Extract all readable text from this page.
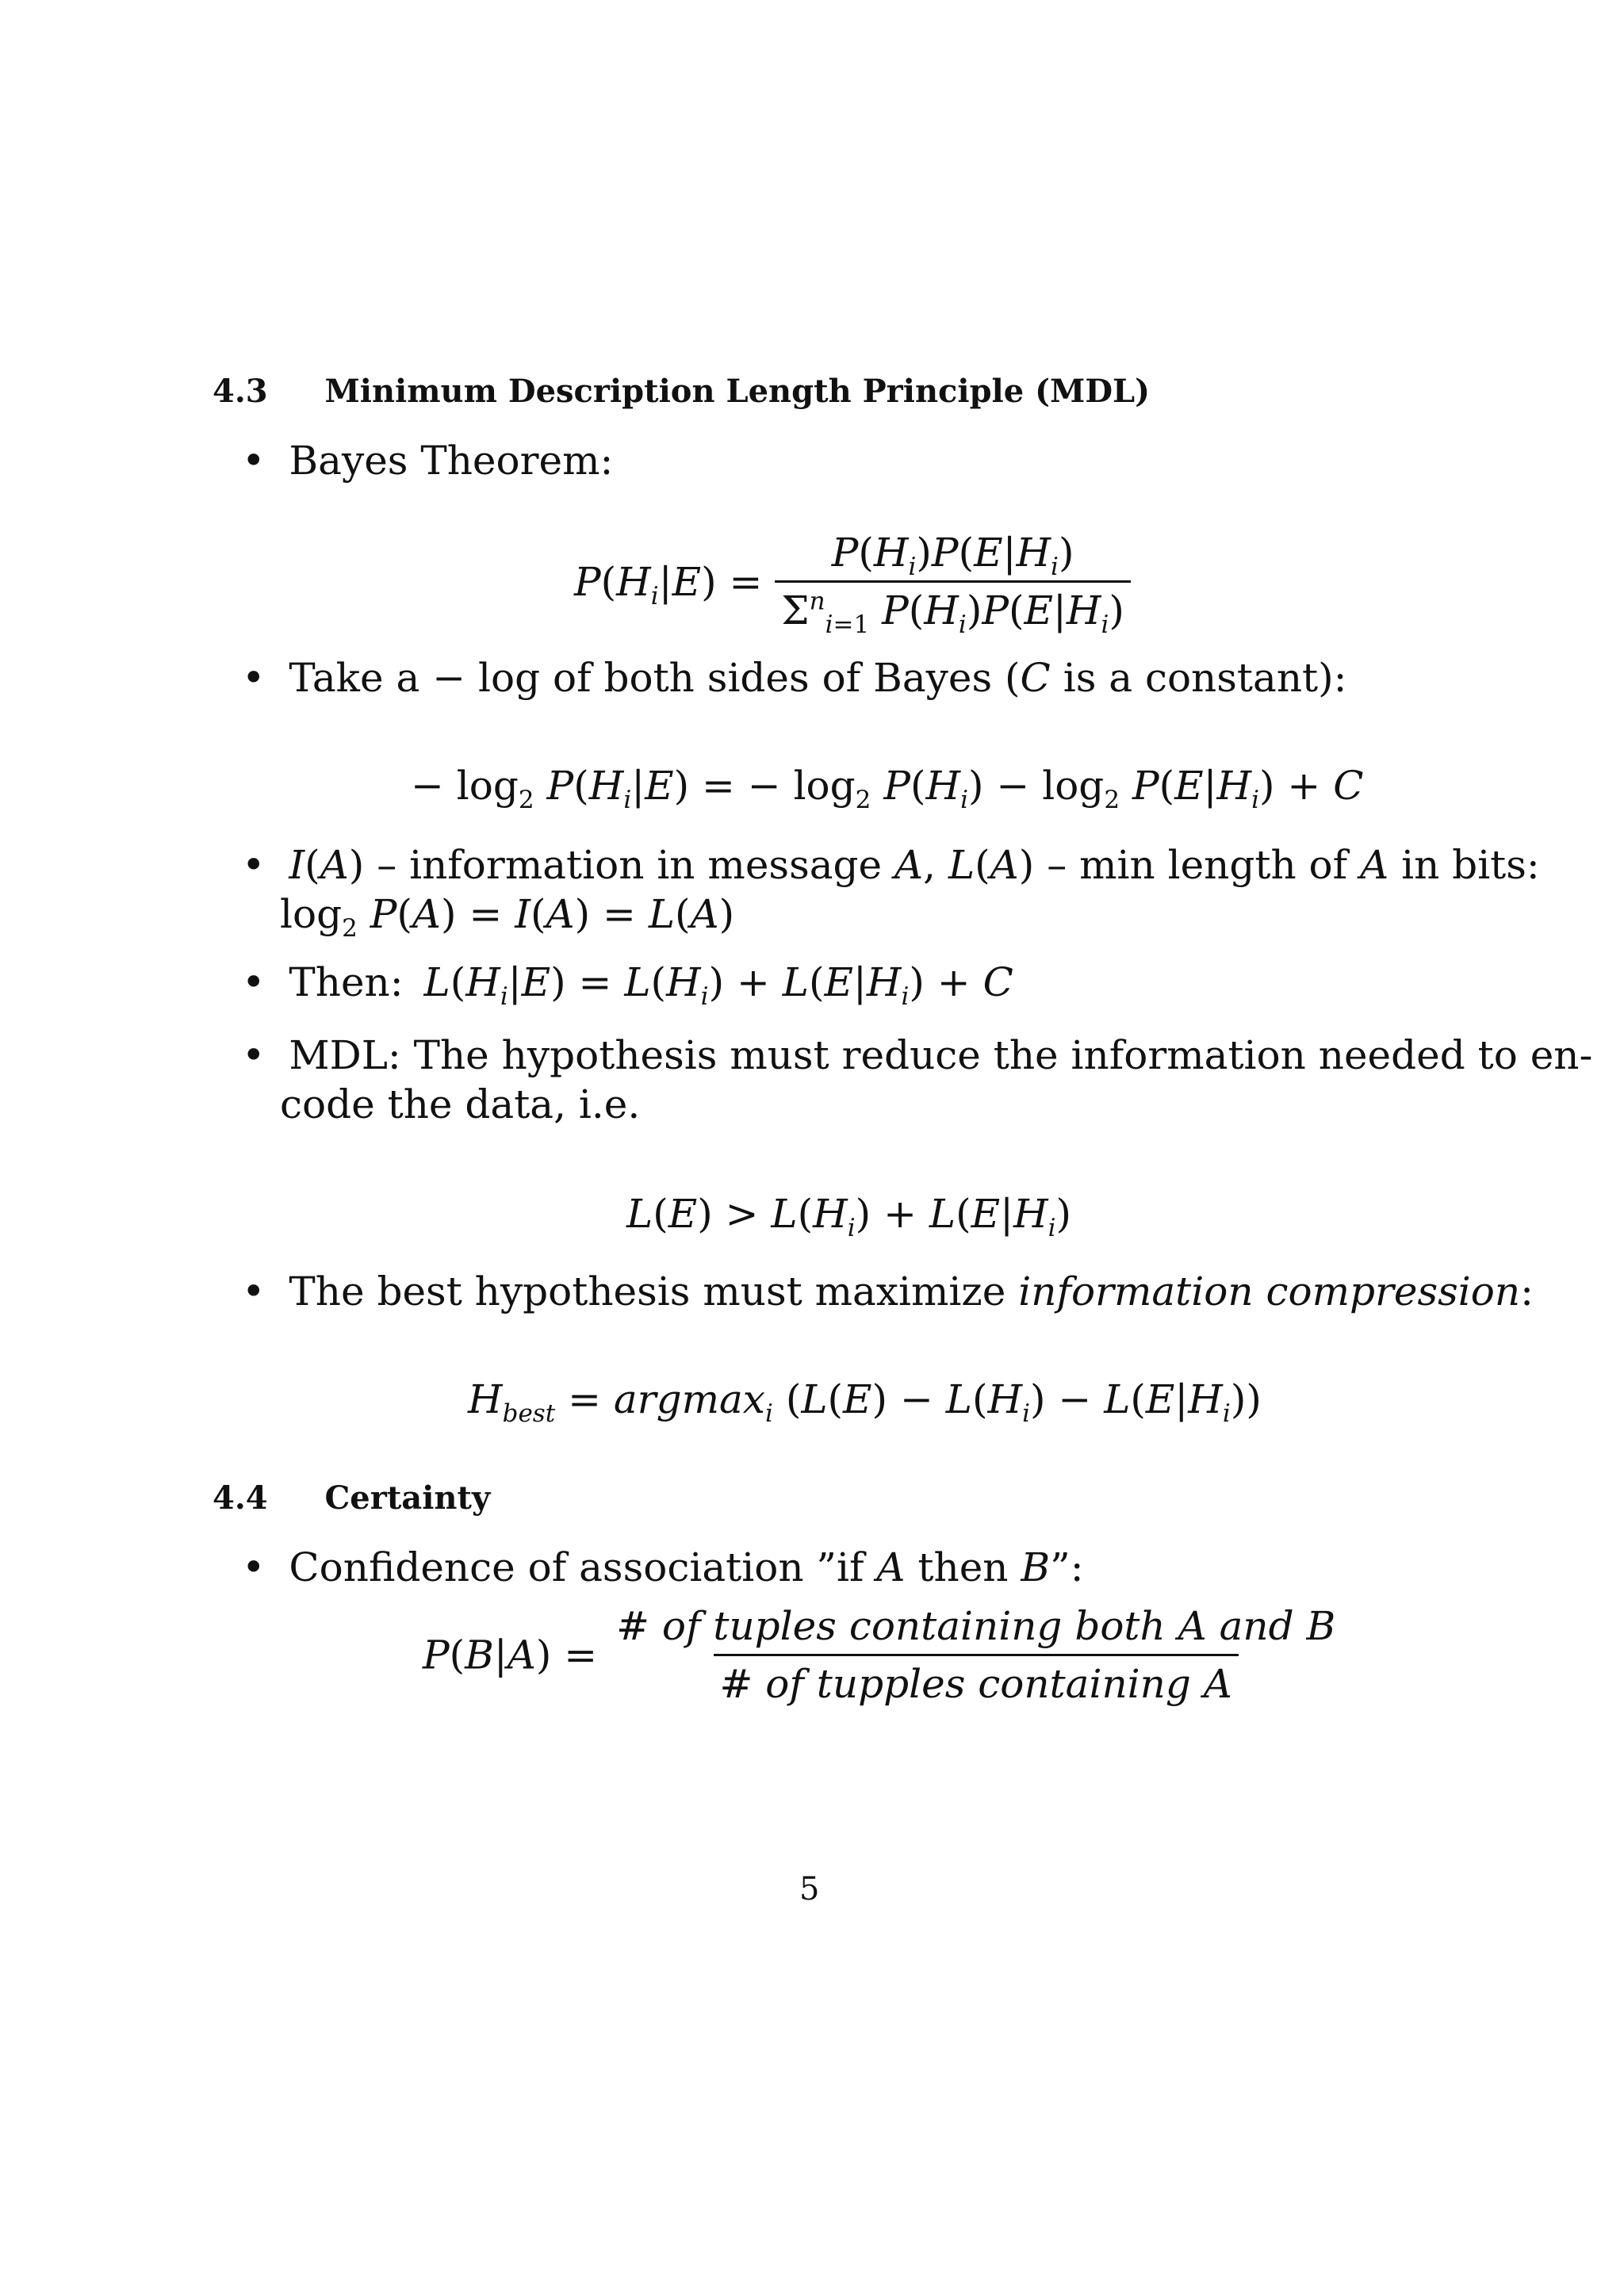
4.3 Minimum Description Length Principle (MDL)
• Bayes Theorem:
$P(H_i|E) = \frac{P(H_i)P(E|H_i)}{\Sigma^n_{i=1} P(H_i)P(E|H_i)}$
• Take a − log of both sides of Bayes (C is a constant):
− $\log_2 P(H_i|E)$ = − $\log_2 P(H_i) - \log_2 P(E|H_i) + C$
• I(A) – information in message A, L(A) – min length of A in bits:
$\log_2 P(A) = I(A) = L(A)$
• Then: $L(H_i|E) = L(H_i) + L(E|H_i) + C$
• MDL: The hypothesis must reduce the information needed to en-
code the data, i.e.
$L(E) > L(H_i) + L(E|H_i)$
• The best hypothesis must maximize information compression:
$H_{best} = argmax_i$ $(L(E) - L(H_i) - L(E|H_i))$
4.4 Certainty
• Confidence of association ”if A then B”:
$P(B|A) = \frac{\text{\# of tuples containing both A and B}}{\text{\# of tupples containing A}}$
5
